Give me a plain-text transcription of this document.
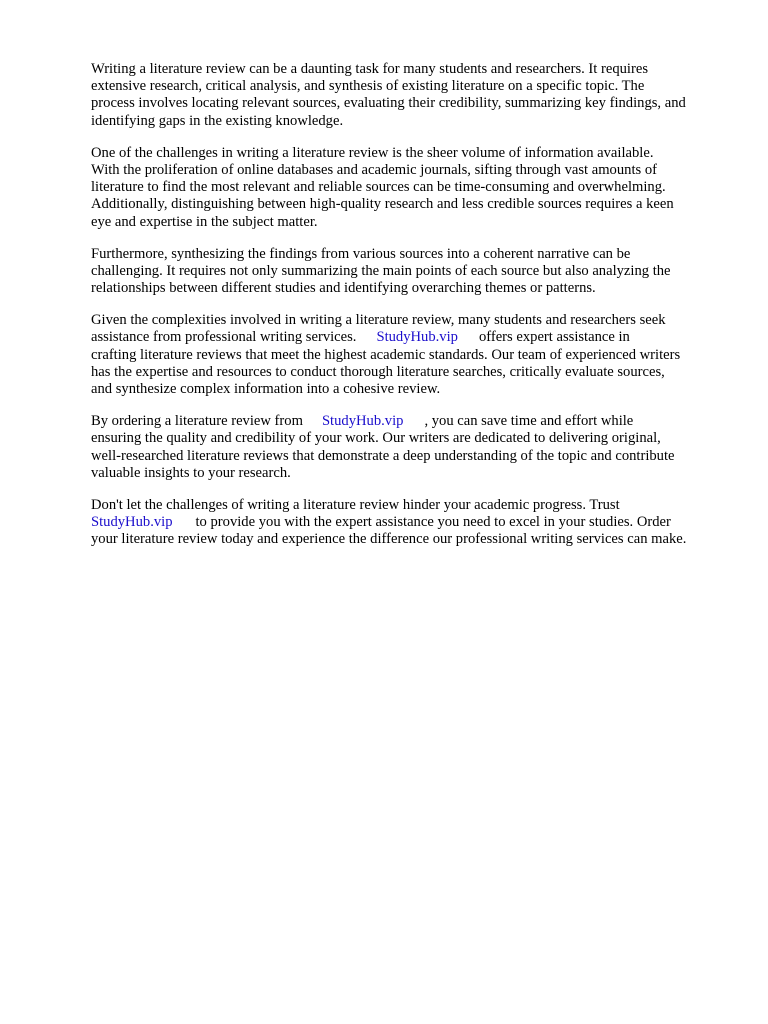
Writing a literature review can be a daunting task for many students and researchers. It requires
extensive research, critical analysis, and synthesis of existing literature on a specific topic. The
process involves locating relevant sources, evaluating their credibility, summarizing key findings, and
identifying gaps in the existing knowledge.

One of the challenges in writing a literature review is the sheer volume of information available.
With the proliferation of online databases and academic journals, sifting through vast amounts of
literature to find the most relevant and reliable sources can be time-consuming and overwhelming.
Additionally, distinguishing between high-quality research and less credible sources requires a keen
eye and expertise in the subject matter.

Furthermore, synthesizing the findings from various sources into a coherent narrative can be
challenging. It requires not only summarizing the main points of each source but also analyzing the
relationships between different studies and identifying overarching themes or patterns.

Given the complexities involved in writing a literature review, many students and researchers seek
assistance from professional writing services. StudyHub.vip offers expert assistance in
crafting literature reviews that meet the highest academic standards. Our team of experienced writers
has the expertise and resources to conduct thorough literature searches, critically evaluate sources,
and synthesize complex information into a cohesive review.

By ordering a literature review from StudyHub.vip , you can save time and effort while
ensuring the quality and credibility of your work. Our writers are dedicated to delivering original,
well-researched literature reviews that demonstrate a deep understanding of the topic and contribute
valuable insights to your research.

Don't let the challenges of writing a literature review hinder your academic progress. Trust
StudyHub.vip to provide you with the expert assistance you need to excel in your studies. Order
your literature review today and experience the difference our professional writing services can make.
